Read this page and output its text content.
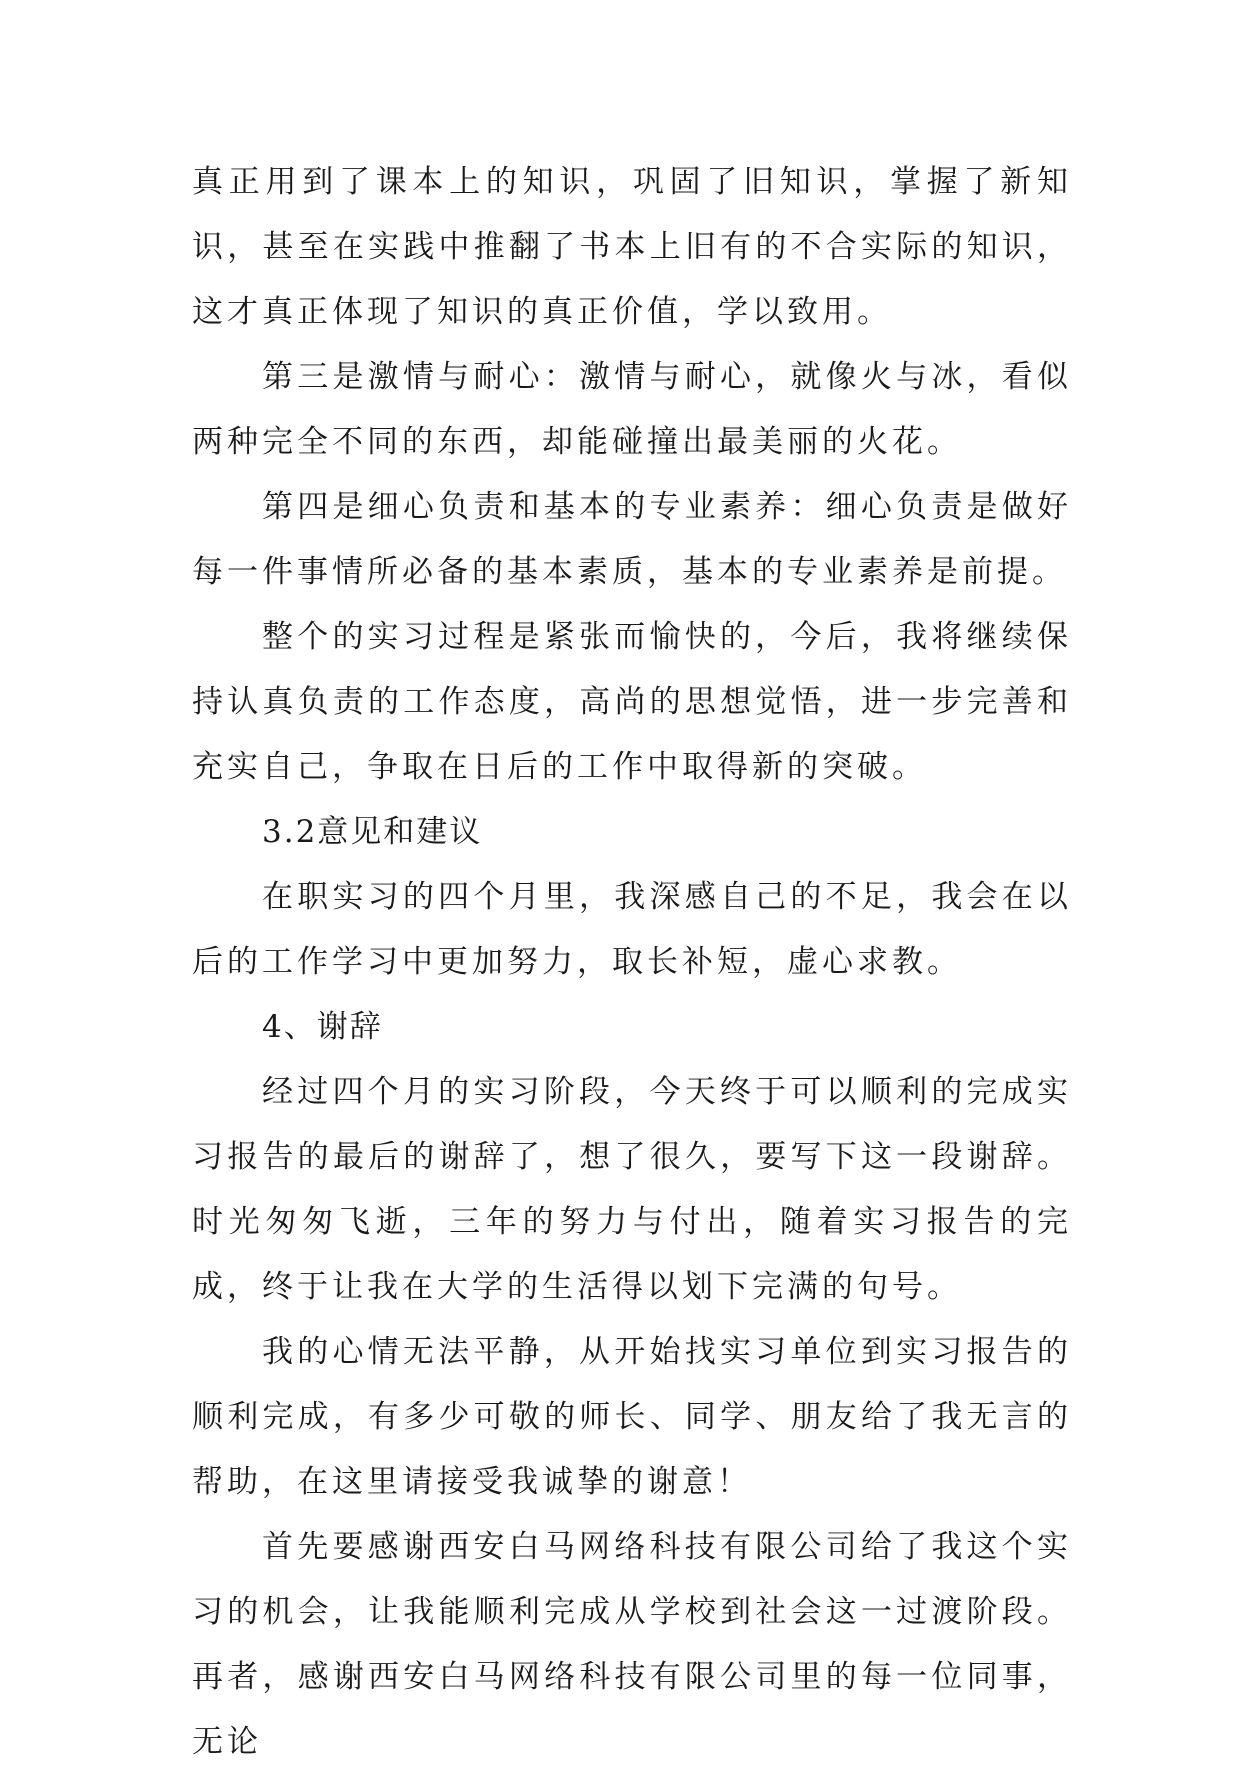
真正用到了课本上的知识，巩固了旧知识，掌握了新知识，甚至在实践中推翻了书本上旧有的不合实际的知识，这才真正体现了知识的真正价值，学以致用。

第三是激情与耐心：激情与耐心，就像火与冰，看似两种完全不同的东西，却能碰撞出最美丽的火花。

第四是细心负责和基本的专业素养：细心负责是做好每一件事情所必备的基本素质，基本的专业素养是前提。

整个的实习过程是紧张而愉快的，今后，我将继续保持认真负责的工作态度，高尚的思想觉悟，进一步完善和充实自己，争取在日后的工作中取得新的突破。

3.2意见和建议

在职实习的四个月里，我深感自己的不足，我会在以后的工作学习中更加努力，取长补短，虚心求教。

4、谢辞

经过四个月的实习阶段，今天终于可以顺利的完成实习报告的最后的谢辞了，想了很久，要写下这一段谢辞。时光匆匆飞逝，三年的努力与付出，随着实习报告的完成，终于让我在大学的生活得以划下完满的句号。

我的心情无法平静，从开始找实习单位到实习报告的顺利完成，有多少可敬的师长、同学、朋友给了我无言的帮助，在这里请接受我诚挚的谢意！

首先要感谢西安白马网络科技有限公司给了我这个实习的机会，让我能顺利完成从学校到社会这一过渡阶段。再者，感谢西安白马网络科技有限公司里的每一位同事，无论
